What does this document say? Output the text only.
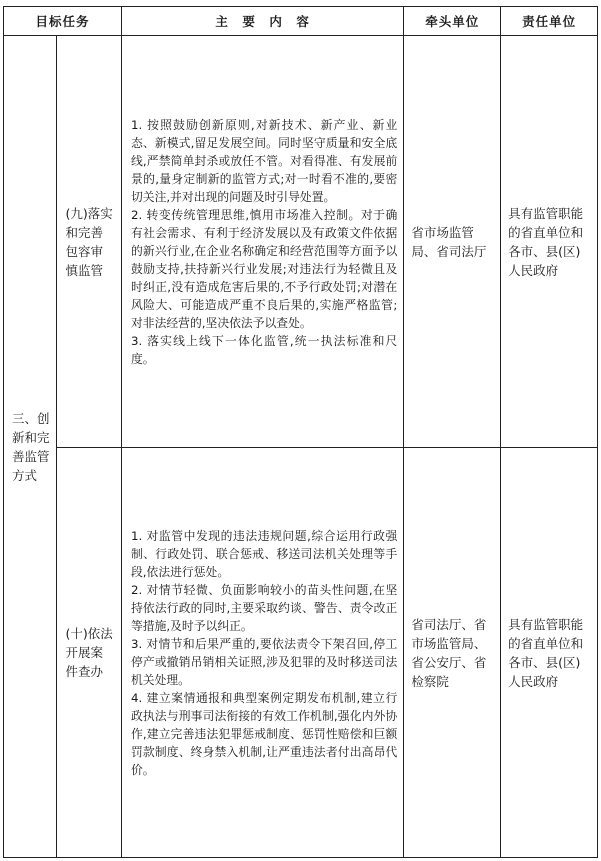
目标任务		主　要　内　容	牵头单位	责任单位
三、创新和完善监管方式	(九)落实和完善包容审慎监管	1. 按照鼓励创新原则,对新技术、新产业、新业态、新模式,留足发展空间。同时坚守质量和安全底线,严禁简单封杀或放任不管。对看得准、有发展前景的,量身定制新的监管方式;对一时看不准的,要密切关注,并对出现的问题及时引导处置。

2. 转变传统管理思维,慎用市场准入控制。对于确有社会需求、有利于经济发展以及有政策文件依据的新兴行业,在企业名称确定和经营范围等方面予以鼓励支持,扶持新兴行业发展;对违法行为轻微且及时纠正,没有造成危害后果的,不予行政处罚;对潜在风险大、可能造成严重不良后果的,实施严格监管;对非法经营的,坚决依法予以查处。

3. 落实线上线下一体化监管,统一执法标准和尺度。	省市场监管局、省司法厅	具有监管职能的省直单位和各市、县(区)人民政府
	(十)依法开展案件查办	1. 对监管中发现的违法违规问题,综合运用行政强制、行政处罚、联合惩戒、移送司法机关处理等手段,依法进行惩处。

2. 对情节轻微、负面影响较小的苗头性问题,在坚持依法行政的同时,主要采取约谈、警告、责令改正等措施,及时予以纠正。

3. 对情节和后果严重的,要依法责令下架召回,停工停产或撤销吊销相关证照,涉及犯罪的及时移送司法机关处理。

4. 建立案情通报和典型案例定期发布机制,建立行政执法与刑事司法衔接的有效工作机制,强化内外协作,建立完善违法犯罪惩戒制度、惩罚性赔偿和巨额罚款制度、终身禁入机制,让严重违法者付出高昂代价。	省司法厅、省市场监管局、省公安厅、省检察院	具有监管职能的省直单位和各市、县(区)人民政府
